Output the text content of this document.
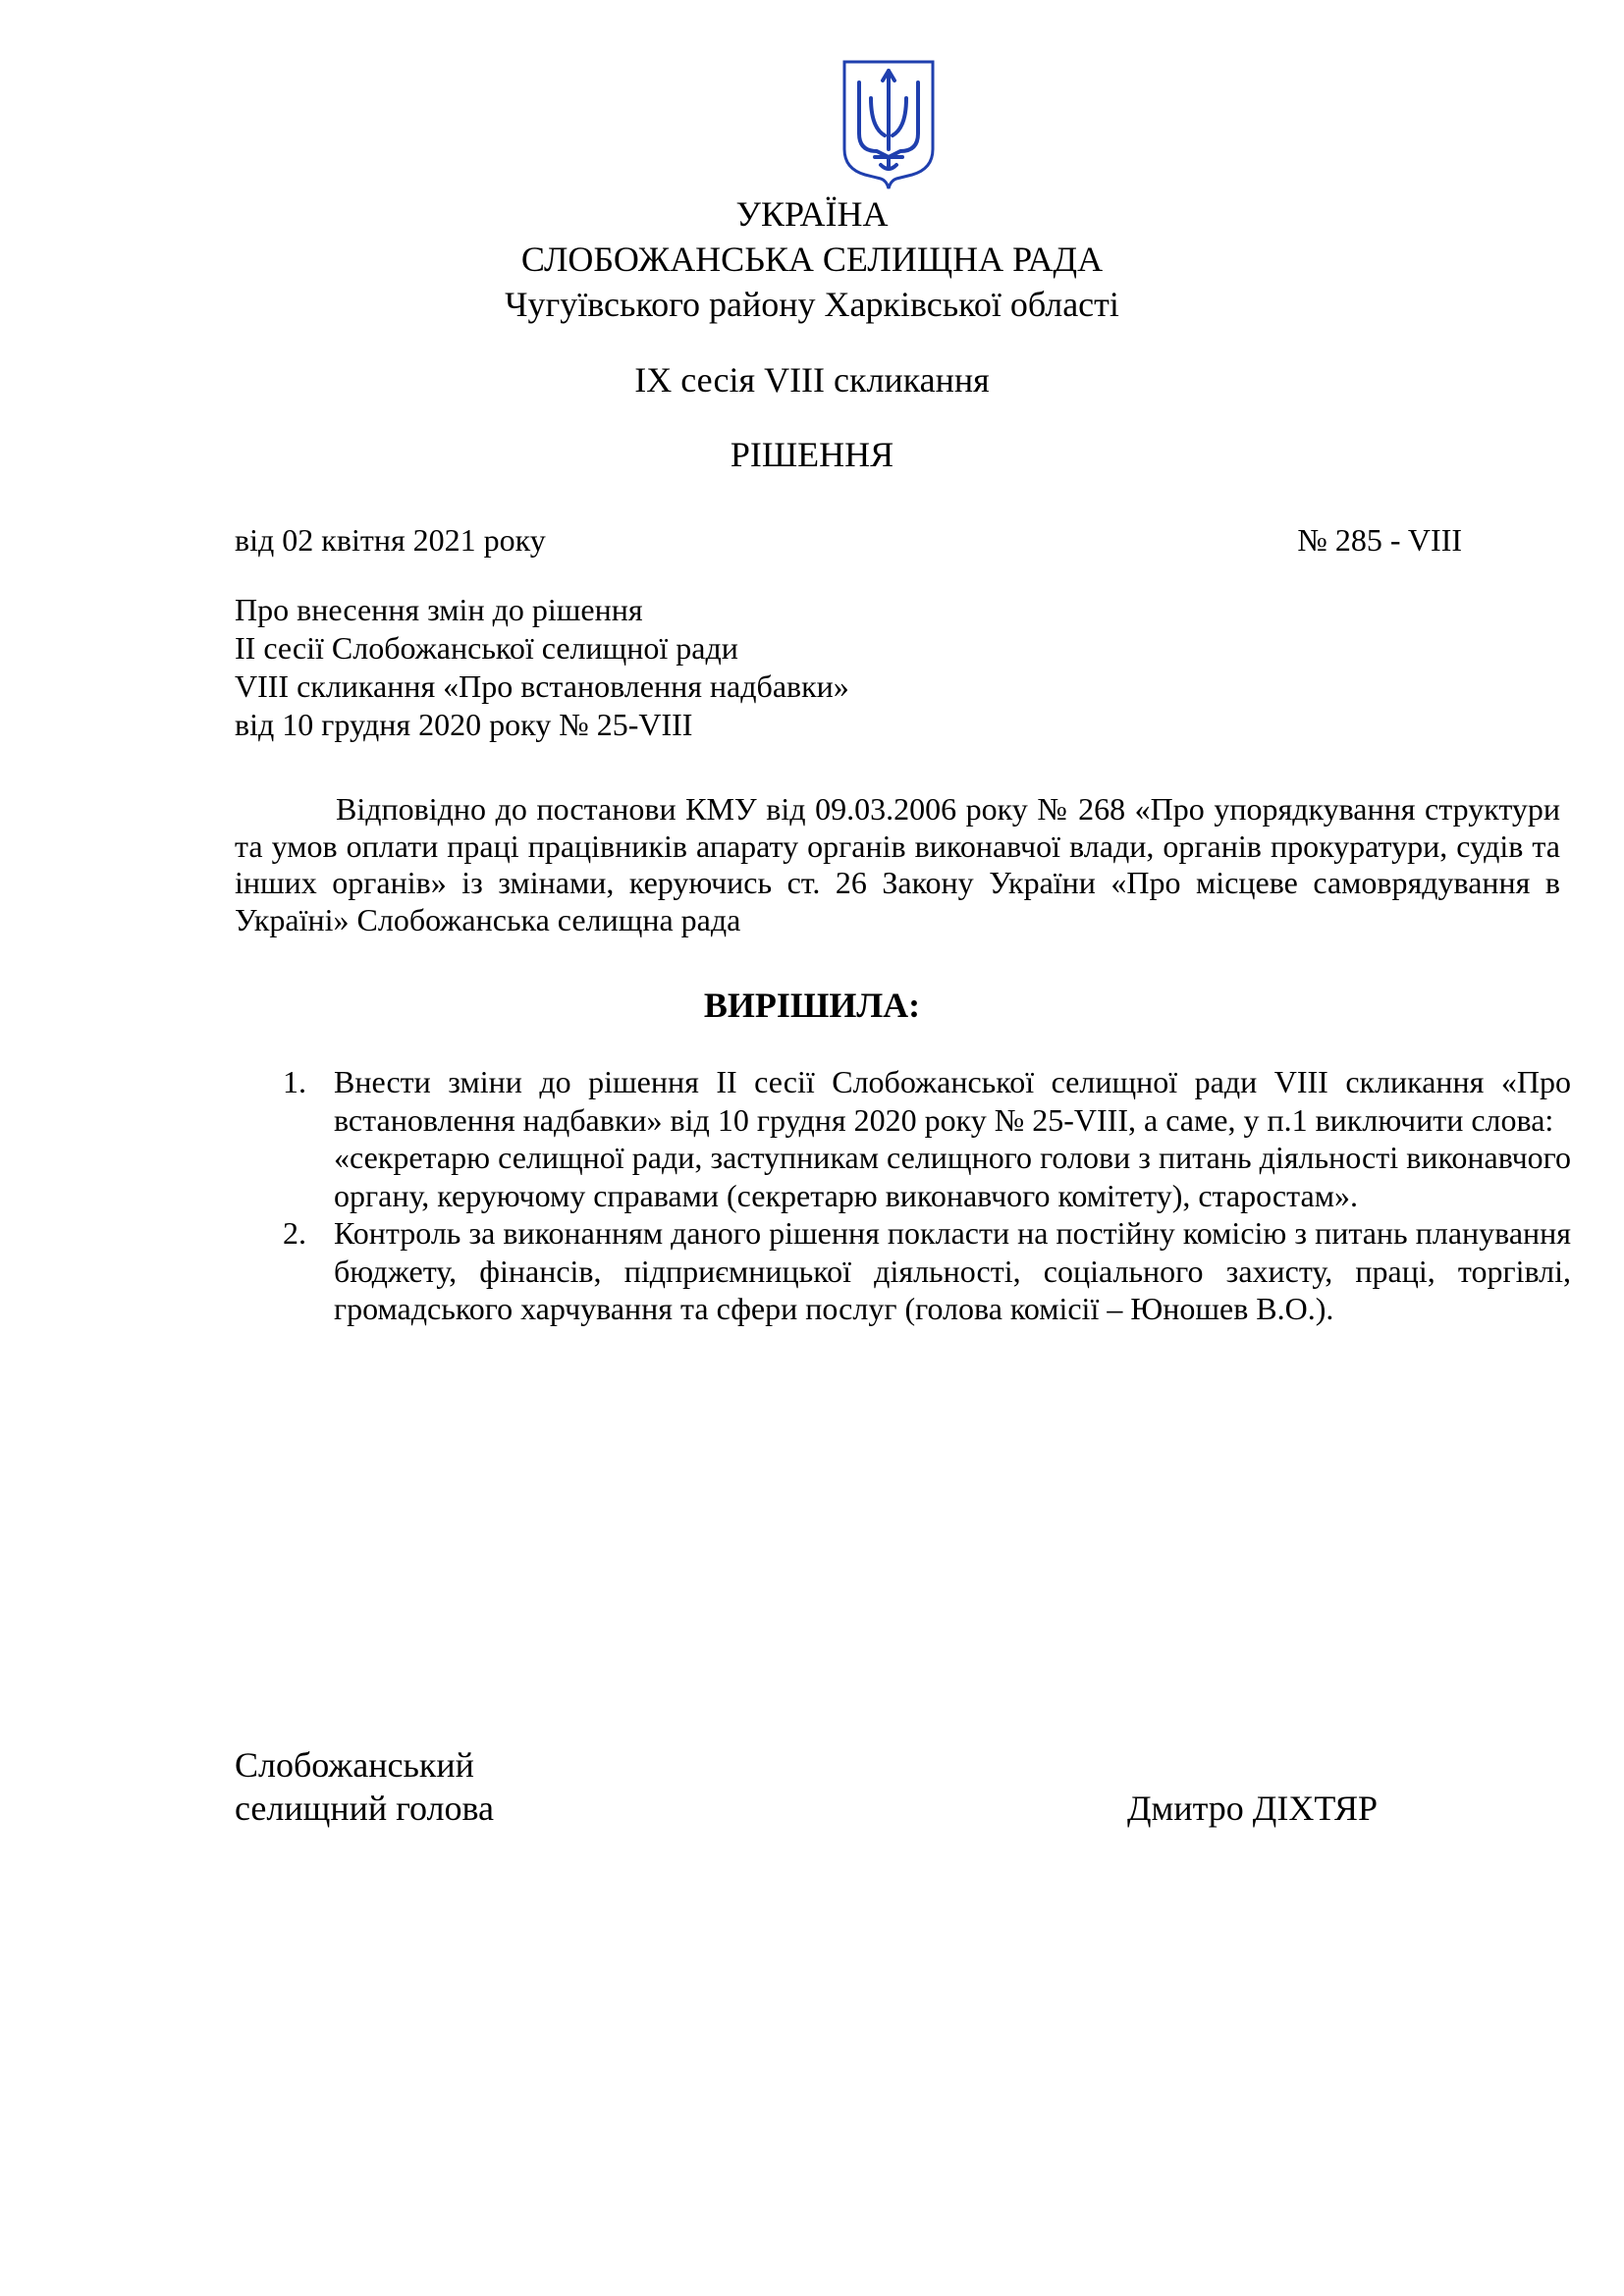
УКРАЇНА
СЛОБОЖАНСЬКА СЕЛИЩНА РАДА
Чугуївського району Харківської області
IX сесія VIII скликання
РІШЕННЯ
від 02 квітня 2021 року	№ 285 - VIII
Про внесення змін до рішення
II сесії Слобожанської селищної ради
VIII скликання «Про встановлення надбавки»
від 10 грудня 2020 року № 25-VIII
Відповідно до постанови КМУ від 09.03.2006 року № 268 «Про упорядкування структури та умов оплати праці працівників апарату органів виконавчої влади, органів прокуратури, судів та інших органів» із змінами, керуючись ст. 26 Закону України «Про місцеве самоврядування в Україні» Слобожанська селищна рада
ВИРІШИЛА:
1. Внести зміни до рішення II сесії Слобожанської селищної ради VIII скликання «Про встановлення надбавки» від 10 грудня 2020 року № 25-VIII, а саме, у п.1 виключити слова:

«секретарю селищної ради, заступникам селищного голови з питань діяльності виконавчого органу, керуючому справами (секретарю виконавчого комітету), старостам».

2. Контроль за виконанням даного рішення покласти на постійну комісію з питань планування бюджету, фінансів, підприємницької діяльності, соціального захисту, праці, торгівлі, громадського харчування та сфери послуг (голова комісії – Юношев В.О.).

Слобожанський
селищний голова	Дмитро ДІХТЯР
